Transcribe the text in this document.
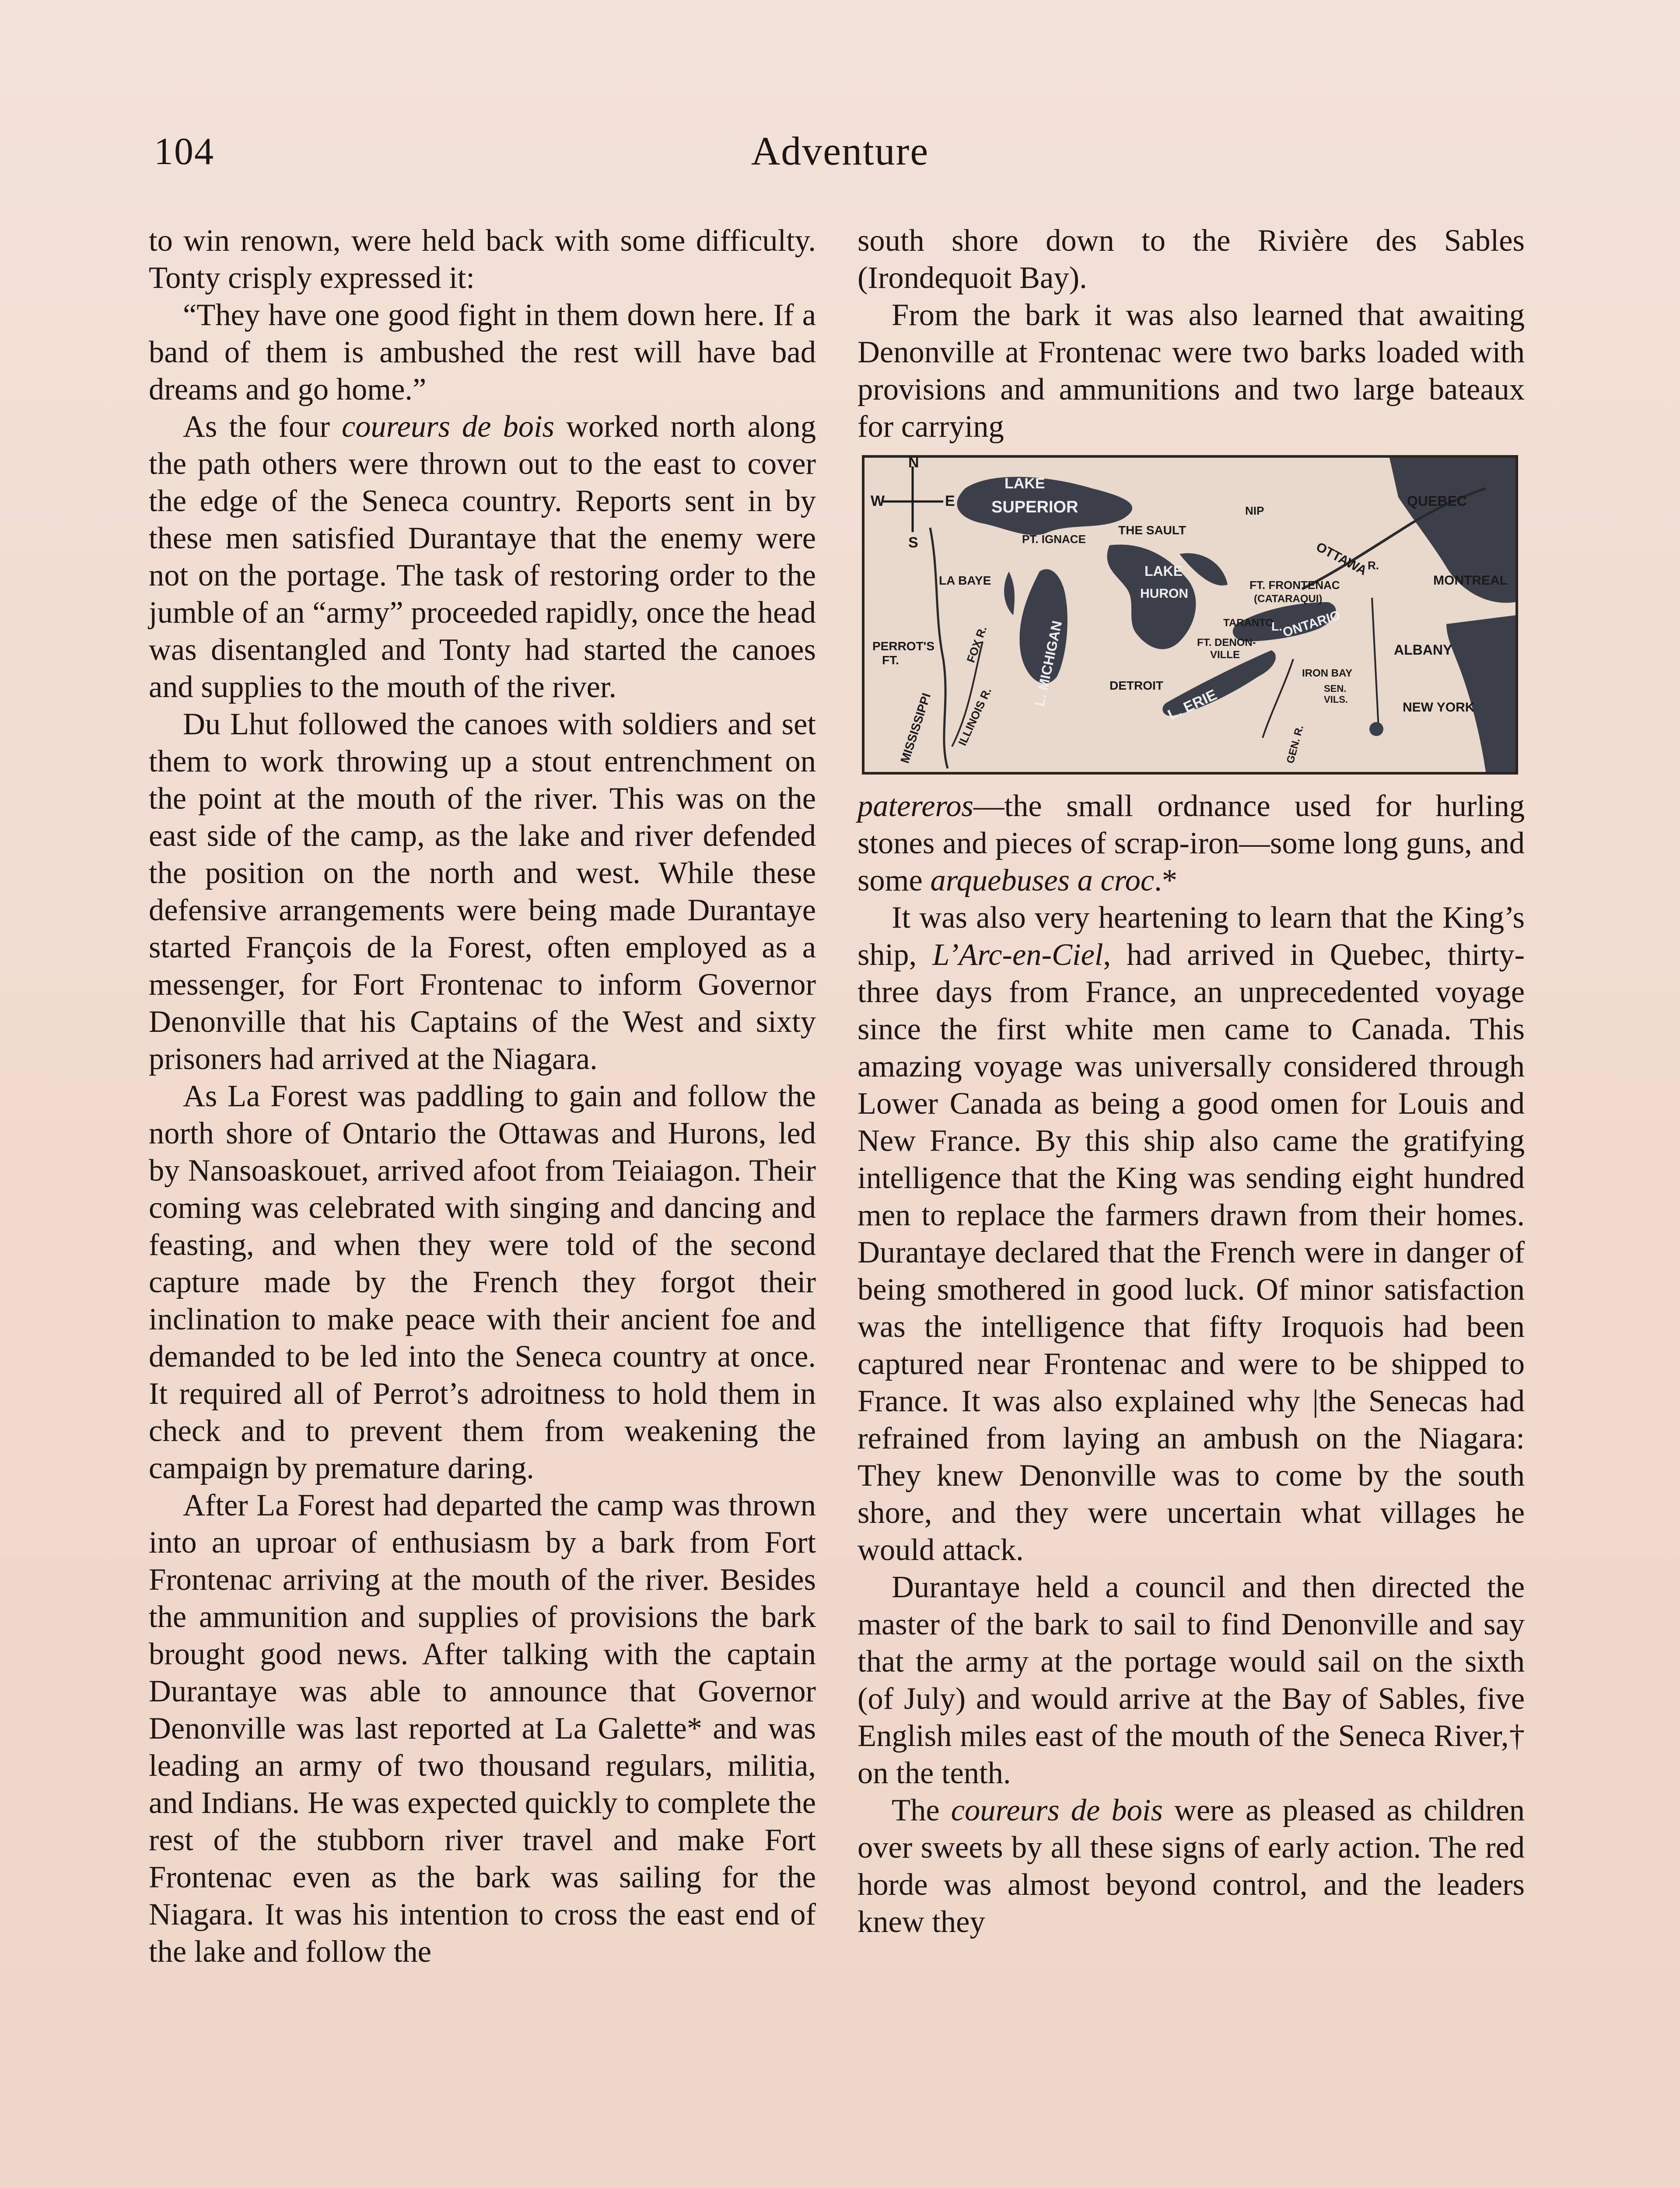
104	Adventure

to win renown, were held back with some difficulty. Tonty crisply expressed it:

“They have one good fight in them down here. If a band of them is ambushed the rest will have bad dreams and go home.”

As the four coureurs de bois worked north along the path others were thrown out to the east to cover the edge of the Seneca country. Reports sent in by these men satisfied Durantaye that the enemy were not on the portage. The task of restoring order to the jumble of an “army” proceeded rapidly, once the head was disentangled and Tonty had started the canoes and supplies to the mouth of the river.

Du Lhut followed the canoes with soldiers and set them to work throwing up a stout entrenchment on the point at the mouth of the river. This was on the east side of the camp, as the lake and river defended the position on the north and west. While these defensive arrangements were being made Durantaye started François de la Forest, often employed as a messenger, for Fort Frontenac to inform Governor Denonville that his Captains of the West and sixty prisoners had arrived at the Niagara.

As La Forest was paddling to gain and follow the north shore of Ontario the Ottawas and Hurons, led by Nansoaskouet, arrived afoot from Teiaiagon. Their coming was celebrated with singing and dancing and feasting, and when they were told of the second capture made by the French they forgot their inclination to make peace with their ancient foe and demanded to be led into the Seneca country at once. It required all of Perrot’s adroitness to hold them in check and to prevent them from weakening the campaign by premature daring.

After La Forest had departed the camp was thrown into an uproar of enthusiasm by a bark from Fort Frontenac arriving at the mouth of the river. Besides the ammunition and supplies of provisions the bark brought good news. After talking with the captain Durantaye was able to announce that Governor Denonville was last reported at La Galette* and was leading an army of two thousand regulars, militia, and Indians. He was expected quickly to complete the rest of the stubborn river travel and make Fort Frontenac even as the bark was sailing for the Niagara. It was his intention to cross the east end of the lake and follow the

south shore down to the Rivière des Sables (Irondequoit Bay).

From the bark it was also learned that awaiting Denonville at Frontenac were two barks loaded with provisions and ammunitions and two large bateaux for carrying

N
W	E
S
LAKE
SUPERIOR
THE SAULT
PT. IGNACE
NIP
OTTAWA
R.
QUEBEC
MONTREAL
LA BAYE
LAKE
HURON
FT. FRONTENAC
(CATARAQUI)
TARANTO
FT. DENON-
VILLE
L.
ONTARIO
ALBANY
PERROT'S
FT.	FOX R.	L. MICHIGAN	DETROIT
L. ERIE
IRON BAY
SEN.
VILS.
NEW YORK
MISSISSIPPI ILLINOIS R.	GEN. R.

patereros—the small ordnance used for hurling stones and pieces of scrap-iron—some long guns, and some arquebuses a croc.*

It was also very heartening to learn that the King’s ship, L’Arc-en-Ciel, had arrived in Quebec, thirty-three days from France, an unprecedented voyage since the first white men came to Canada. This amazing voyage was universally considered through Lower Canada as being a good omen for Louis and New France. By this ship also came the gratifying intelligence that the King was sending eight hundred men to replace the farmers drawn from their homes. Durantaye declared that the French were in danger of being smothered in good luck. Of minor satisfaction was the intelligence that fifty Iroquois had been captured near Frontenac and were to be shipped to France. It was also explained why |the Senecas had refrained from laying an ambush on the Niagara: They knew Denonville was to come by the south shore, and they were uncertain what villages he would attack.

Durantaye held a council and then directed the master of the bark to sail to find Denonville and say that the army at the portage would sail on the sixth (of July) and would arrive at the Bay of Sables, five English miles east of the mouth of the Seneca River,† on the tenth.

The coureurs de bois were as pleased as children over sweets by all these signs of early action. The red horde was almost beyond control, and the leaders knew they
